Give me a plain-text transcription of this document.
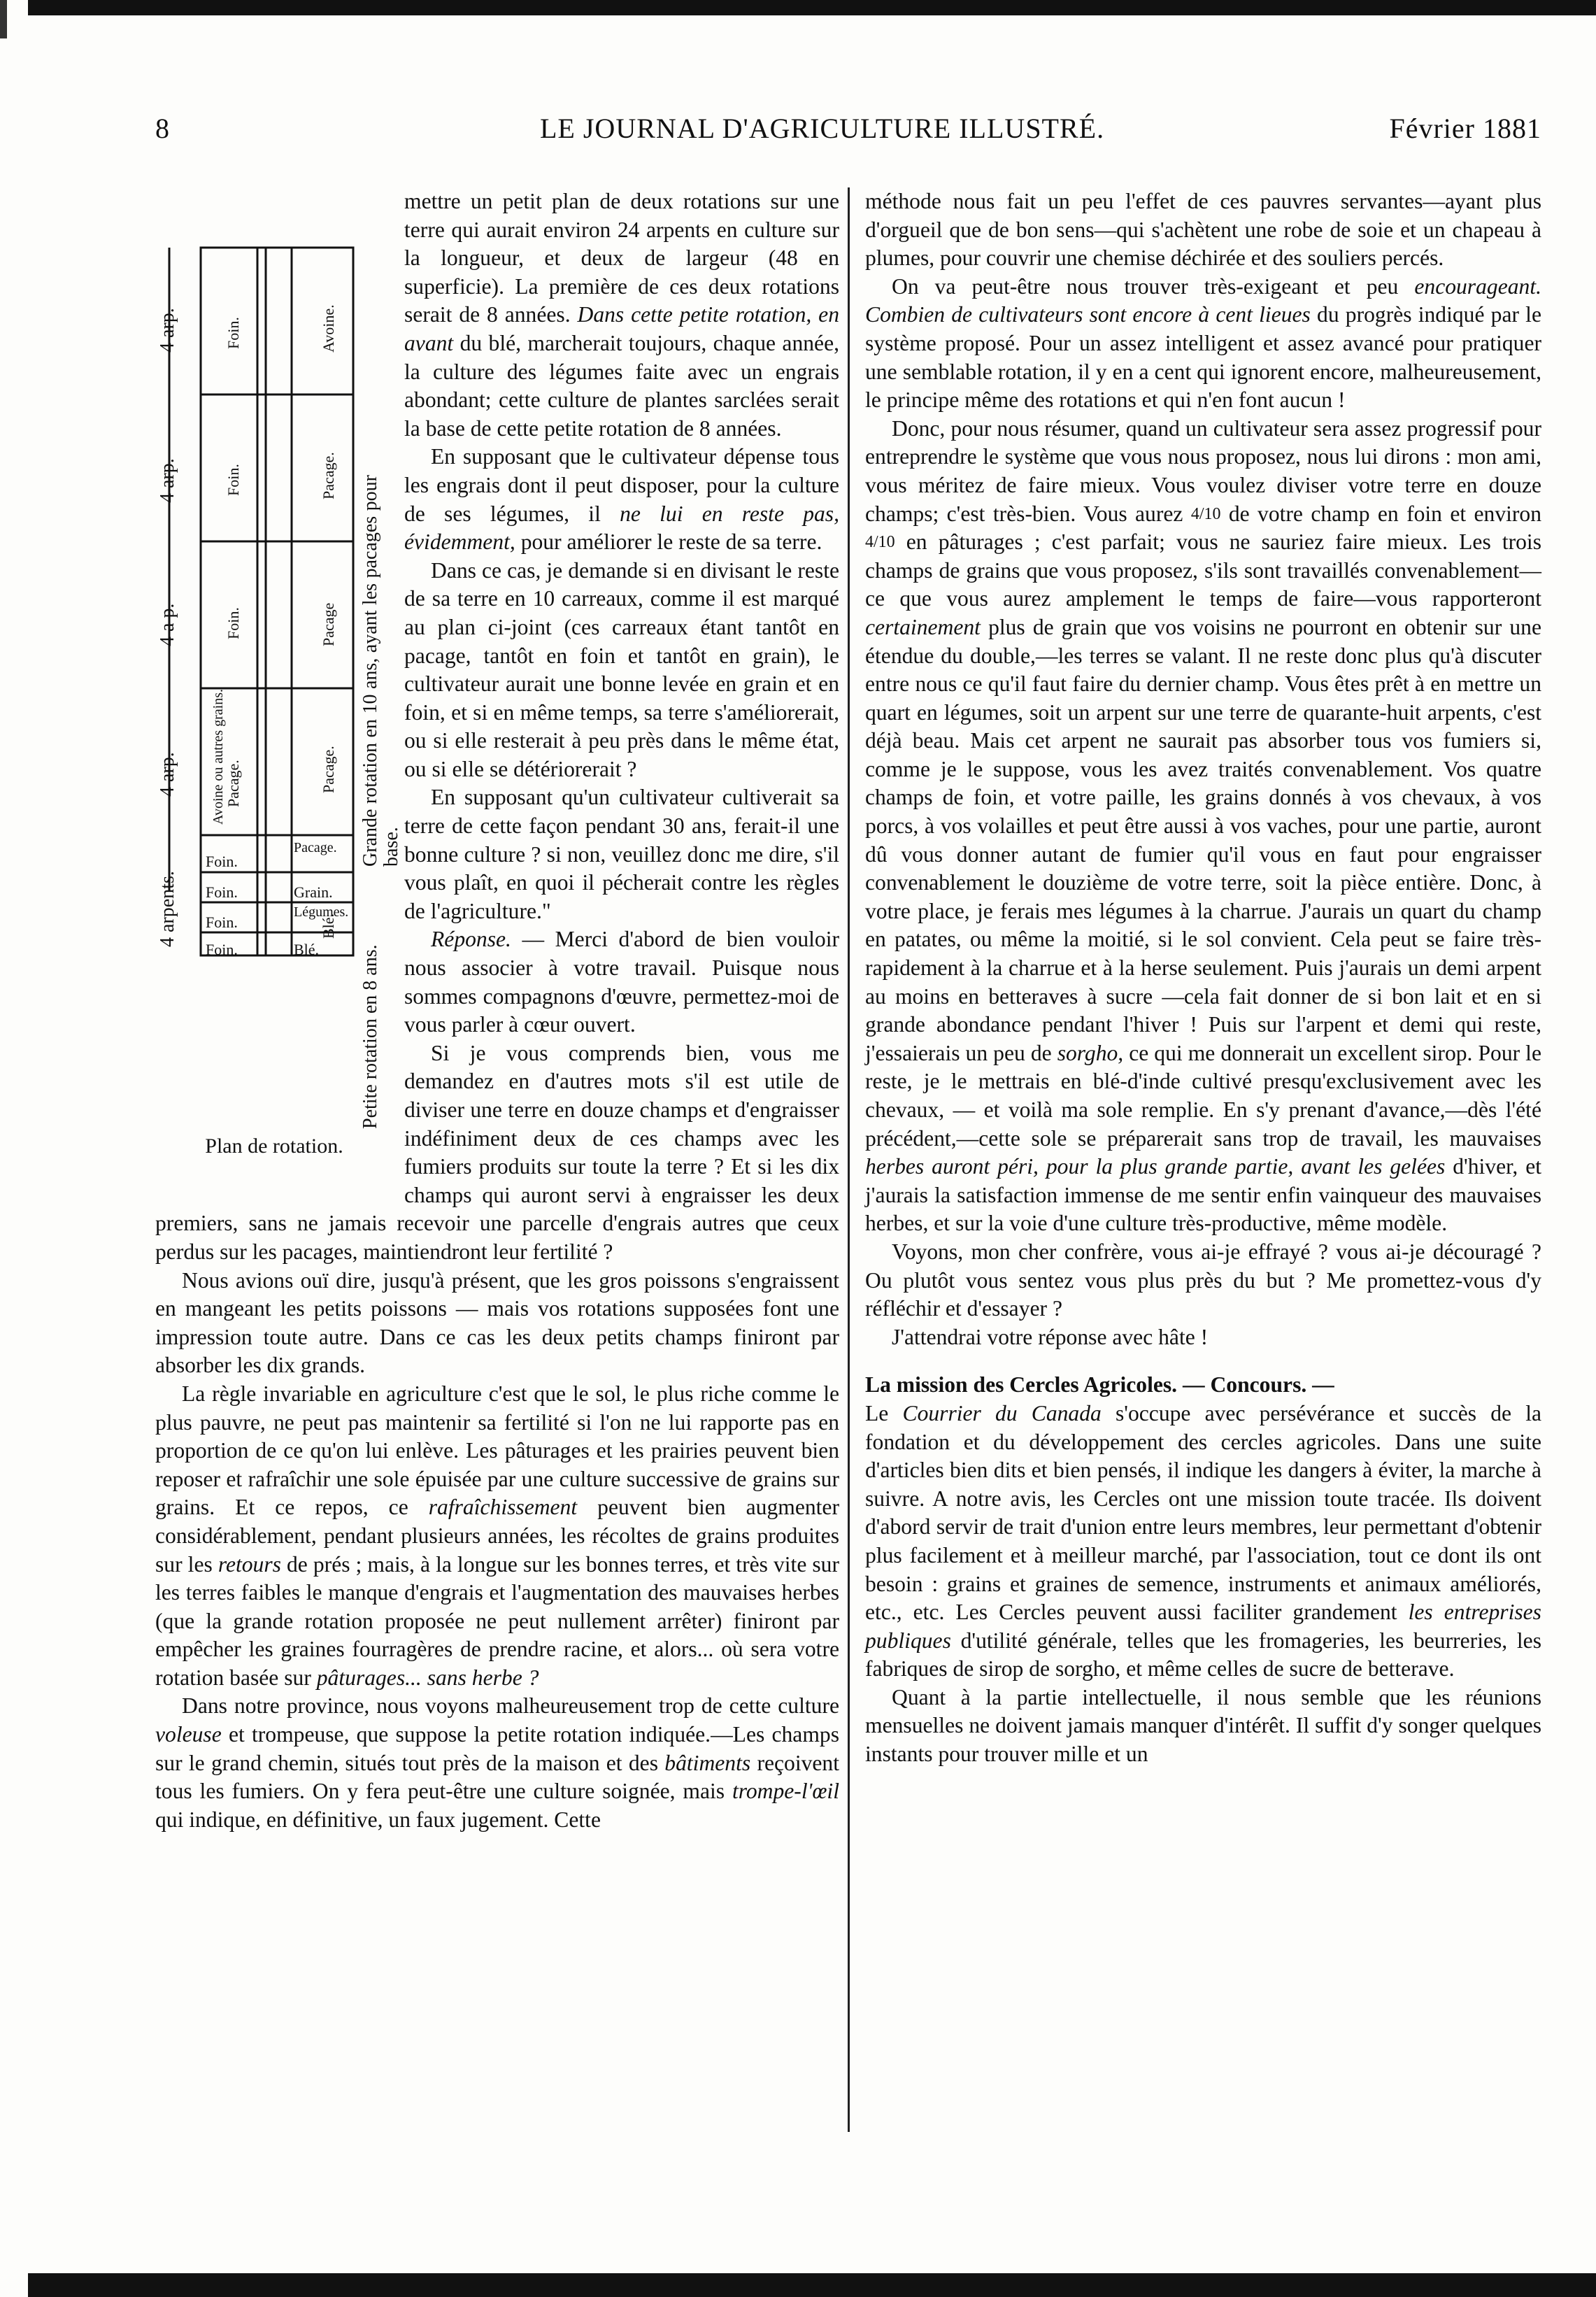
8	LE JOURNAL D'AGRICULTURE ILLUSTRÉ.	Février 1881
4 arp.
4 arp.
4 a p.
4 arp.
4 arpents.
Foin.
Foin.
Foin.
Avoine ou autres grains.
Pacage.
Avoine.
Pacage.
Pacage
Pacage.
Blé.
Foin.
Foin.
Foin.
Foin.
Pacage.
Grain.
Légumes.
Blé.
Grande rotation en 10 ans, ayant les pacages pour base.
Petite rotation en 8 ans.
Plan de rotation.

mettre un petit plan de deux rotations sur une terre qui aurait environ 24 arpents en culture sur la longueur, et deux de largeur (48 en superficie). La première de ces deux rotations serait de 8 années. Dans cette petite rotation, en avant du blé, marcherait toujours, chaque année, la culture des légumes faite avec un engrais abondant; cette culture de plantes sarclées serait la base de cette petite rotation de 8 années.

En supposant que le cultivateur dépense tous les engrais dont il peut disposer, pour la culture de ses légumes, il ne lui en reste pas, évidemment, pour améliorer le reste de sa terre.

Dans ce cas, je demande si en divisant le reste de sa terre en 10 carreaux, comme il est marqué au plan ci-joint (ces carreaux étant tantôt en pacage, tantôt en foin et tantôt en grain), le cultivateur aurait une bonne levée en grain et en foin, et si en même temps, sa terre s'améliorerait, ou si elle resterait à peu près dans le même état, ou si elle se détériorerait ?

En supposant qu'un cultivateur cultiverait sa terre de cette façon pendant 30 ans, ferait-il une bonne culture ? si non, veuillez donc me dire, s'il vous plaît, en quoi il pécherait contre les règles de l'agriculture."

Réponse. — Merci d'abord de bien vouloir nous associer à votre travail. Puisque nous sommes compagnons d'œuvre, permettez-moi de vous parler à cœur ouvert.

Si je vous comprends bien, vous me demandez en d'autres mots s'il est utile de diviser une terre en douze champs et d'engraisser indéfiniment deux de ces champs avec les fumiers produits sur toute la terre ? Et si les dix champs qui auront servi à engraisser les deux premiers, sans ne jamais recevoir une parcelle d'engrais autres que ceux perdus sur les pacages, maintiendront leur fertilité ?

Nous avions ouï dire, jusqu'à présent, que les gros poissons s'engraissent en mangeant les petits poissons — mais vos rotations supposées font une impression toute autre. Dans ce cas les deux petits champs finiront par absorber les dix grands.

La règle invariable en agriculture c'est que le sol, le plus riche comme le plus pauvre, ne peut pas maintenir sa fertilité si l'on ne lui rapporte pas en proportion de ce qu'on lui enlève. Les pâturages et les prairies peuvent bien reposer et rafraîchir une sole épuisée par une culture successive de grains sur grains. Et ce repos, ce rafraîchissement peuvent bien augmenter considérablement, pendant plusieurs années, les récoltes de grains produites sur les retours de prés ; mais, à la longue sur les bonnes terres, et très vite sur les terres faibles le manque d'engrais et l'augmentation des mauvaises herbes (que la grande rotation proposée ne peut nullement arrêter) finiront par empêcher les graines fourragères de prendre racine, et alors... où sera votre rotation basée sur pâturages... sans herbe ?

Dans notre province, nous voyons malheureusement trop de cette culture voleuse et trompeuse, que suppose la petite rotation indiquée.—Les champs sur le grand chemin, situés tout près de la maison et des bâtiments reçoivent tous les fumiers. On y fera peut-être une culture soignée, mais trompe-l'œil qui indique, en définitive, un faux jugement. Cette

méthode nous fait un peu l'effet de ces pauvres servantes—ayant plus d'orgueil que de bon sens—qui s'achètent une robe de soie et un chapeau à plumes, pour couvrir une chemise déchirée et des souliers percés.

On va peut-être nous trouver très-exigeant et peu encourageant. Combien de cultivateurs sont encore à cent lieues du progrès indiqué par le système proposé. Pour un assez intelligent et assez avancé pour pratiquer une semblable rotation, il y en a cent qui ignorent encore, malheureusement, le principe même des rotations et qui n'en font aucun !

Donc, pour nous résumer, quand un cultivateur sera assez progressif pour entreprendre le système que vous nous proposez, nous lui dirons : mon ami, vous méritez de faire mieux. Vous voulez diviser votre terre en douze champs; c'est très-bien. Vous aurez $^{4/10}$ de votre champ en foin et environ $^{4/10}$ en pâturages ; c'est parfait; vous ne sauriez faire mieux. Les trois champs de grains que vous proposez, s'ils sont travaillés convenablement—ce que vous aurez amplement le temps de faire—vous rapporteront certainement plus de grain que vos voisins ne pourront en obtenir sur une étendue du double,—les terres se valant. Il ne reste donc plus qu'à discuter entre nous ce qu'il faut faire du dernier champ. Vous êtes prêt à en mettre un quart en légumes, soit un arpent sur une terre de quarante-huit arpents, c'est déjà beau. Mais cet arpent ne saurait pas absorber tous vos fumiers si, comme je le suppose, vous les avez traités convenablement. Vos quatre champs de foin, et votre paille, les grains donnés à vos chevaux, à vos porcs, à vos volailles et peut être aussi à vos vaches, pour une partie, auront dû vous donner autant de fumier qu'il vous en faut pour engraisser convenablement le douzième de votre terre, soit la pièce entière. Donc, à votre place, je ferais mes légumes à la charrue. J'aurais un quart du champ en patates, ou même la moitié, si le sol convient. Cela peut se faire très-rapidement à la charrue et à la herse seulement. Puis j'aurais un demi arpent au moins en betteraves à sucre —cela fait donner de si bon lait et en si grande abondance pendant l'hiver ! Puis sur l'arpent et demi qui reste, j'essaierais un peu de sorgho, ce qui me donnerait un excellent sirop. Pour le reste, je le mettrais en blé-d'inde cultivé presqu'exclusivement avec les chevaux, — et voilà ma sole remplie. En s'y prenant d'avance,—dès l'été précédent,—cette sole se préparerait sans trop de travail, les mauvaises herbes auront péri, pour la plus grande partie, avant les gelées d'hiver, et j'aurais la satisfaction immense de me sentir enfin vainqueur des mauvaises herbes, et sur la voie d'une culture très-productive, même modèle.

Voyons, mon cher confrère, vous ai-je effrayé ? vous ai-je découragé ? Ou plutôt vous sentez vous plus près du but ? Me promettez-vous d'y réfléchir et d'essayer ?

J'attendrai votre réponse avec hâte !

La mission des Cercles Agricoles. — Concours. —

Le Courrier du Canada s'occupe avec persévérance et succès de la fondation et du développement des cercles agricoles. Dans une suite d'articles bien dits et bien pensés, il indique les dangers à éviter, la marche à suivre. A notre avis, les Cercles ont une mission toute tracée. Ils doivent d'abord servir de trait d'union entre leurs membres, leur permettant d'obtenir plus facilement et à meilleur marché, par l'association, tout ce dont ils ont besoin : grains et graines de semence, instruments et animaux améliorés, etc., etc. Les Cercles peuvent aussi faciliter grandement les entreprises publiques d'utilité générale, telles que les fromageries, les beurreries, les fabriques de sirop de sorgho, et même celles de sucre de betterave.

Quant à la partie intellectuelle, il nous semble que les réunions mensuelles ne doivent jamais manquer d'intérêt. Il suffit d'y songer quelques instants pour trouver mille et un
